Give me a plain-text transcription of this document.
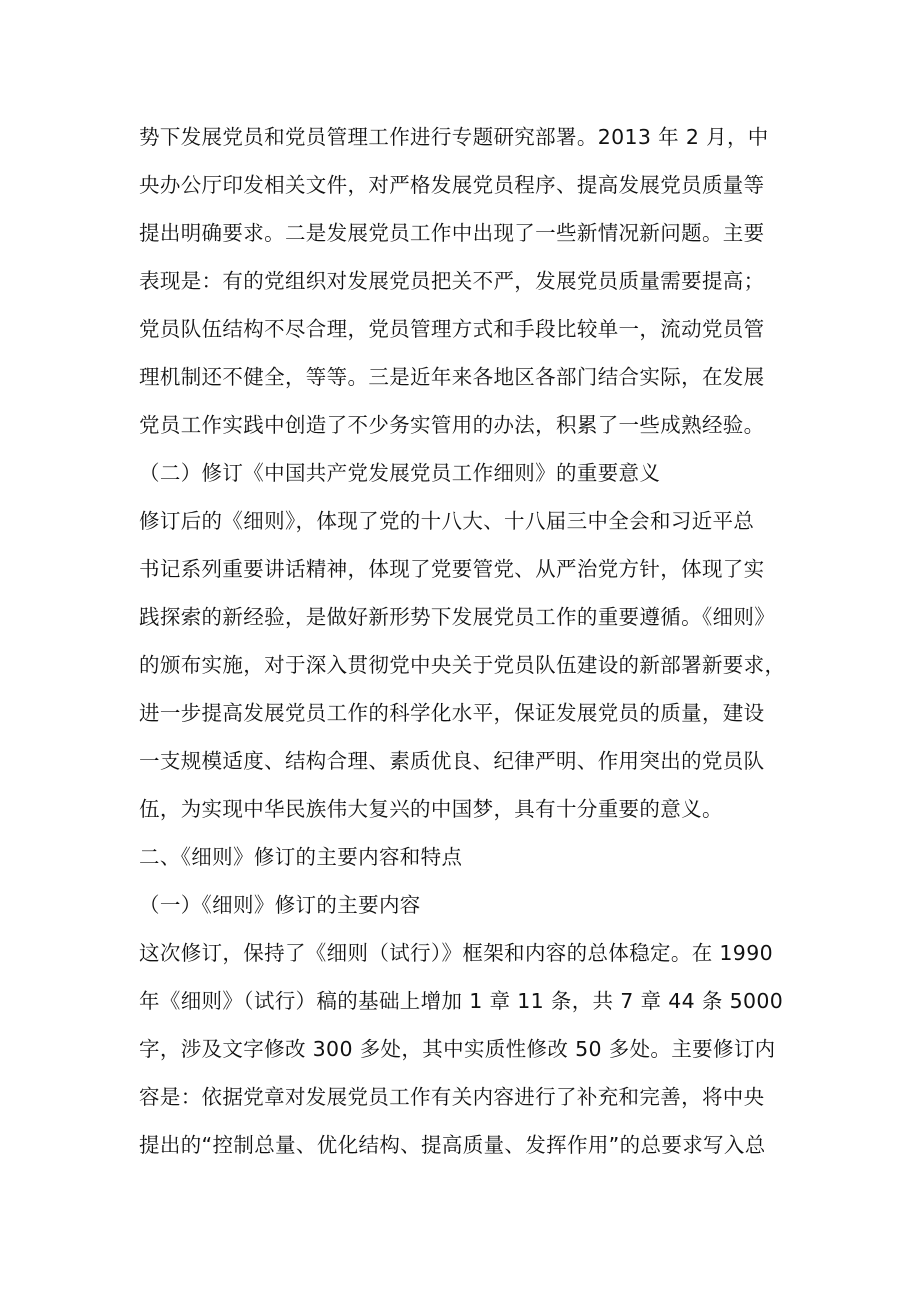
势下发展党员和党员管理工作进行专题研究部署。2013 年 2 月，中
央办公厅印发相关文件，对严格发展党员程序、提高发展党员质量等
提出明确要求。二是发展党员工作中出现了一些新情况新问题。主要
表现是：有的党组织对发展党员把关不严，发展党员质量需要提高；
党员队伍结构不尽合理，党员管理方式和手段比较单一，流动党员管
理机制还不健全，等等。三是近年来各地区各部门结合实际，在发展
党员工作实践中创造了不少务实管用的办法，积累了一些成熟经验。
（二）修订《中国共产党发展党员工作细则》的重要意义
修订后的《细则》，体现了党的十八大、十八届三中全会和习近平总
书记系列重要讲话精神，体现了党要管党、从严治党方针，体现了实
践探索的新经验，是做好新形势下发展党员工作的重要遵循。《细则》
的颁布实施，对于深入贯彻党中央关于党员队伍建设的新部署新要求，
进一步提高发展党员工作的科学化水平，保证发展党员的质量，建设
一支规模适度、结构合理、素质优良、纪律严明、作用突出的党员队
伍，为实现中华民族伟大复兴的中国梦，具有十分重要的意义。
二、《细则》修订的主要内容和特点
（一）《细则》修订的主要内容
这次修订，保持了《细则（试行）》框架和内容的总体稳定。在 1990
年《细则》（试行）稿的基础上增加 1 章 11 条，共 7 章 44 条 5000
字，涉及文字修改 300 多处，其中实质性修改 50 多处。主要修订内
容是：依据党章对发展党员工作有关内容进行了补充和完善，将中央
提出的“控制总量、优化结构、提高质量、发挥作用”的总要求写入总
